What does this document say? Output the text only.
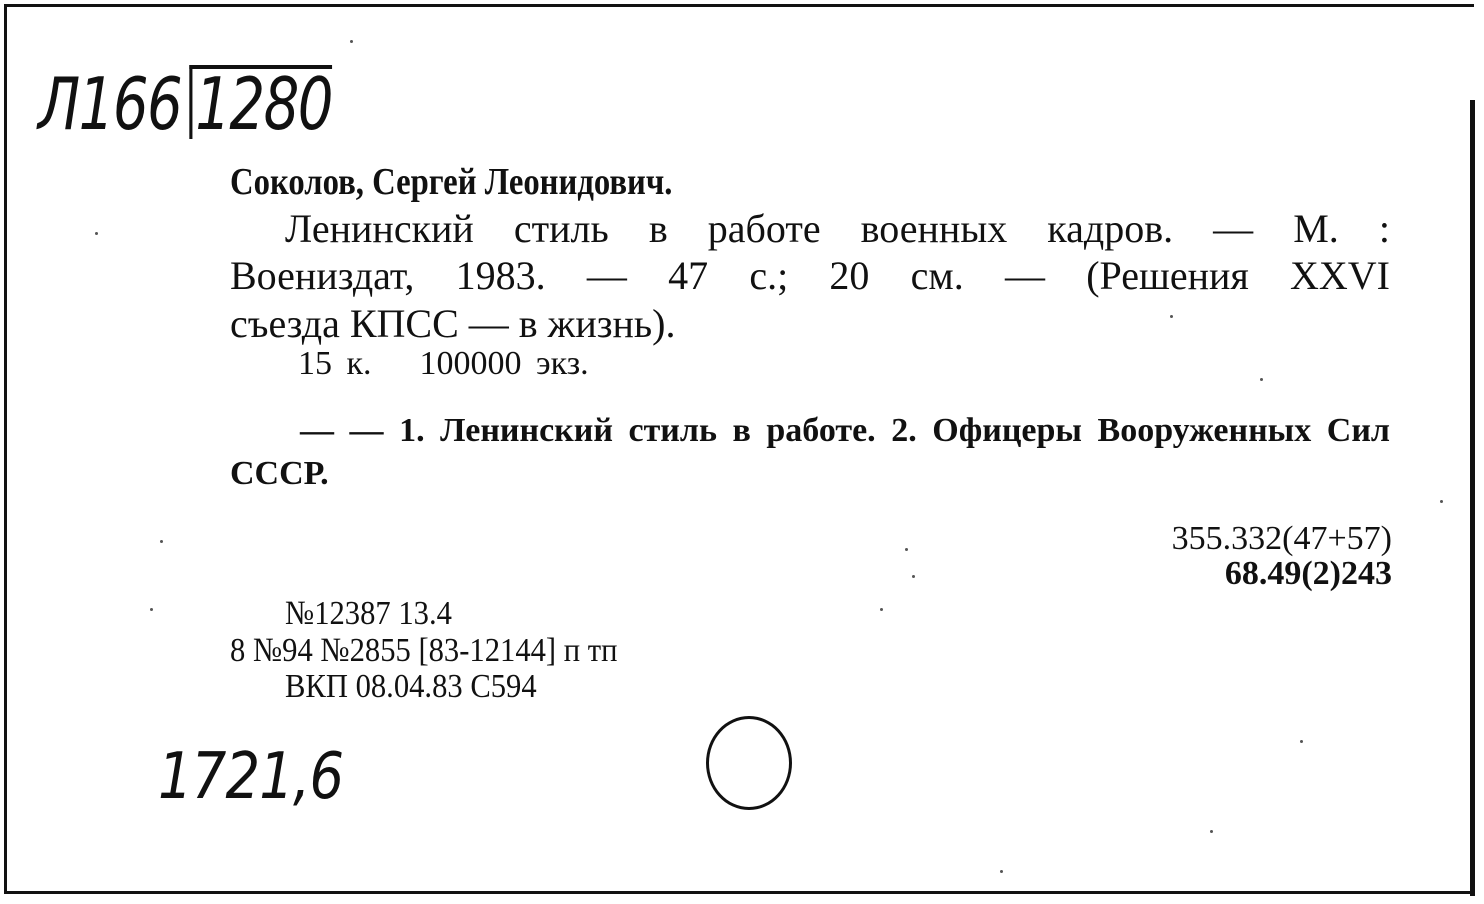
Л166 1280
Соколов, Сергей Леонидович.
Ленинский стиль в работе военных кадров. — М. :
Воениздат, 1983. — 47 с.; 20 см. — (Решения XXVI
съезда КПСС — в жизнь).
15 к. 100000 экз.
— — 1. Ленинский стиль в работе. 2. Офицеры Вооруженных Сил
СССР.
355.332(47+57)
68.49(2)243
№12387 13.4
8 №94 №2855 [83-12144] п тп
ВКП 08.04.83 С594
1721,6
